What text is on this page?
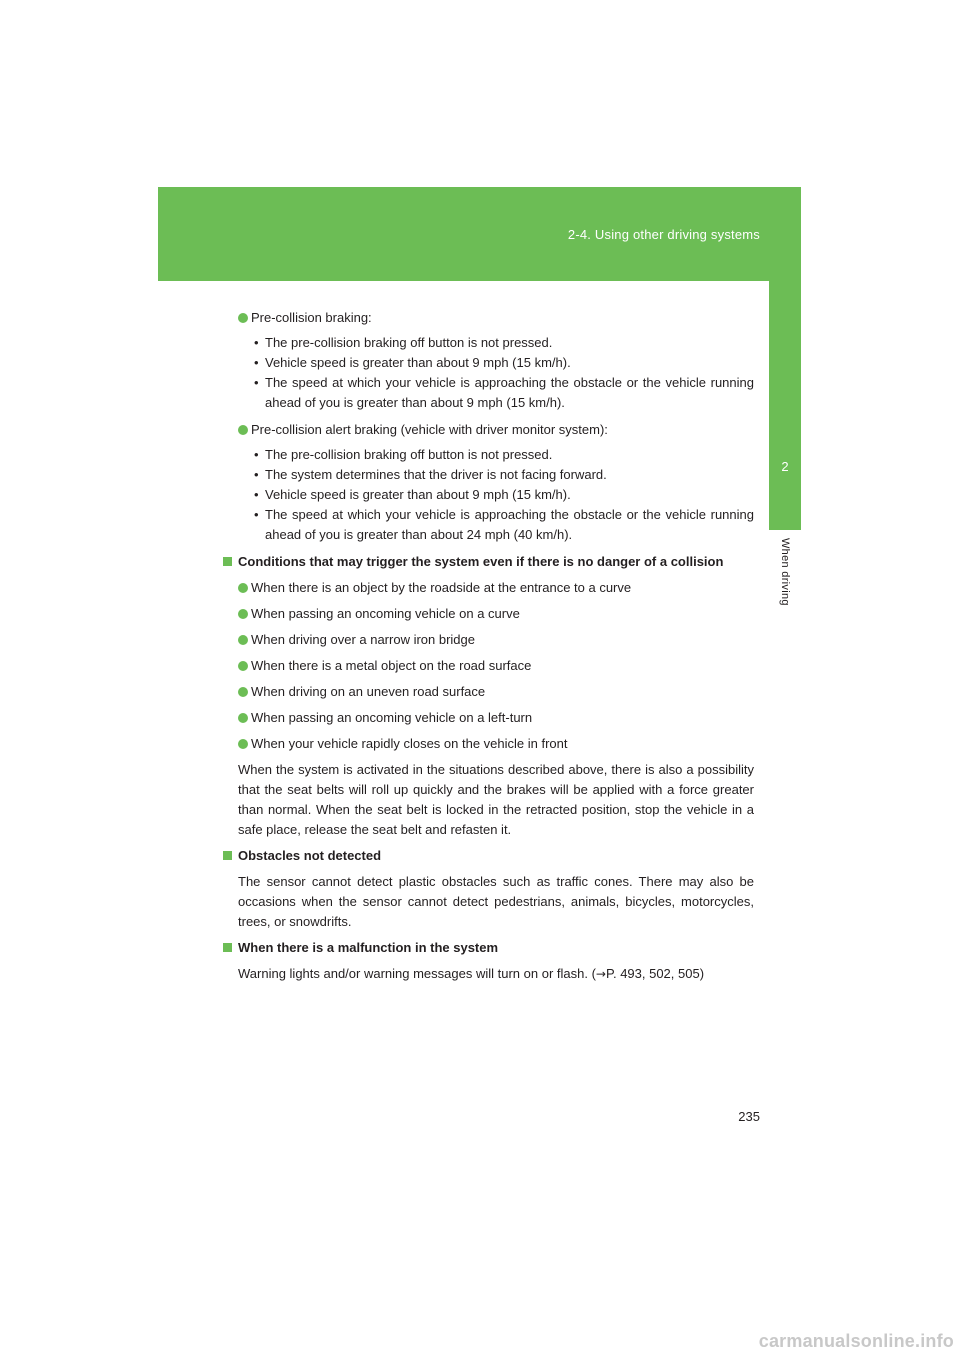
2-4. Using other driving systems
2
When driving

Pre-collision braking:

• The pre-collision braking off button is not pressed.
• Vehicle speed is greater than about 9 mph (15 km/h).
• The speed at which your vehicle is approaching the obstacle or the vehicle running ahead of you is greater than about 9 mph (15 km/h).

Pre-collision alert braking (vehicle with driver monitor system):

• The pre-collision braking off button is not pressed.
• The system determines that the driver is not facing forward.
• Vehicle speed is greater than about 9 mph (15 km/h).
• The speed at which your vehicle is approaching the obstacle or the vehicle running ahead of you is greater than about 24 mph (40 km/h).

Conditions that may trigger the system even if there is no danger of a collision

When there is an object by the roadside at the entrance to a curve

When passing an oncoming vehicle on a curve

When driving over a narrow iron bridge

When there is a metal object on the road surface

When driving on an uneven road surface

When passing an oncoming vehicle on a left-turn

When your vehicle rapidly closes on the vehicle in front

When the system is activated in the situations described above, there is also a possibility that the seat belts will roll up quickly and the brakes will be applied with a force greater than normal. When the seat belt is locked in the retracted position, stop the vehicle in a safe place, release the seat belt and refasten it.

Obstacles not detected

The sensor cannot detect plastic obstacles such as traffic cones. There may also be occasions when the sensor cannot detect pedestrians, animals, bicycles, motorcycles, trees, or snowdrifts.

When there is a malfunction in the system

Warning lights and/or warning messages will turn on or flash. (→P. 493, 502, 505)

235
carmanualsonline.info
